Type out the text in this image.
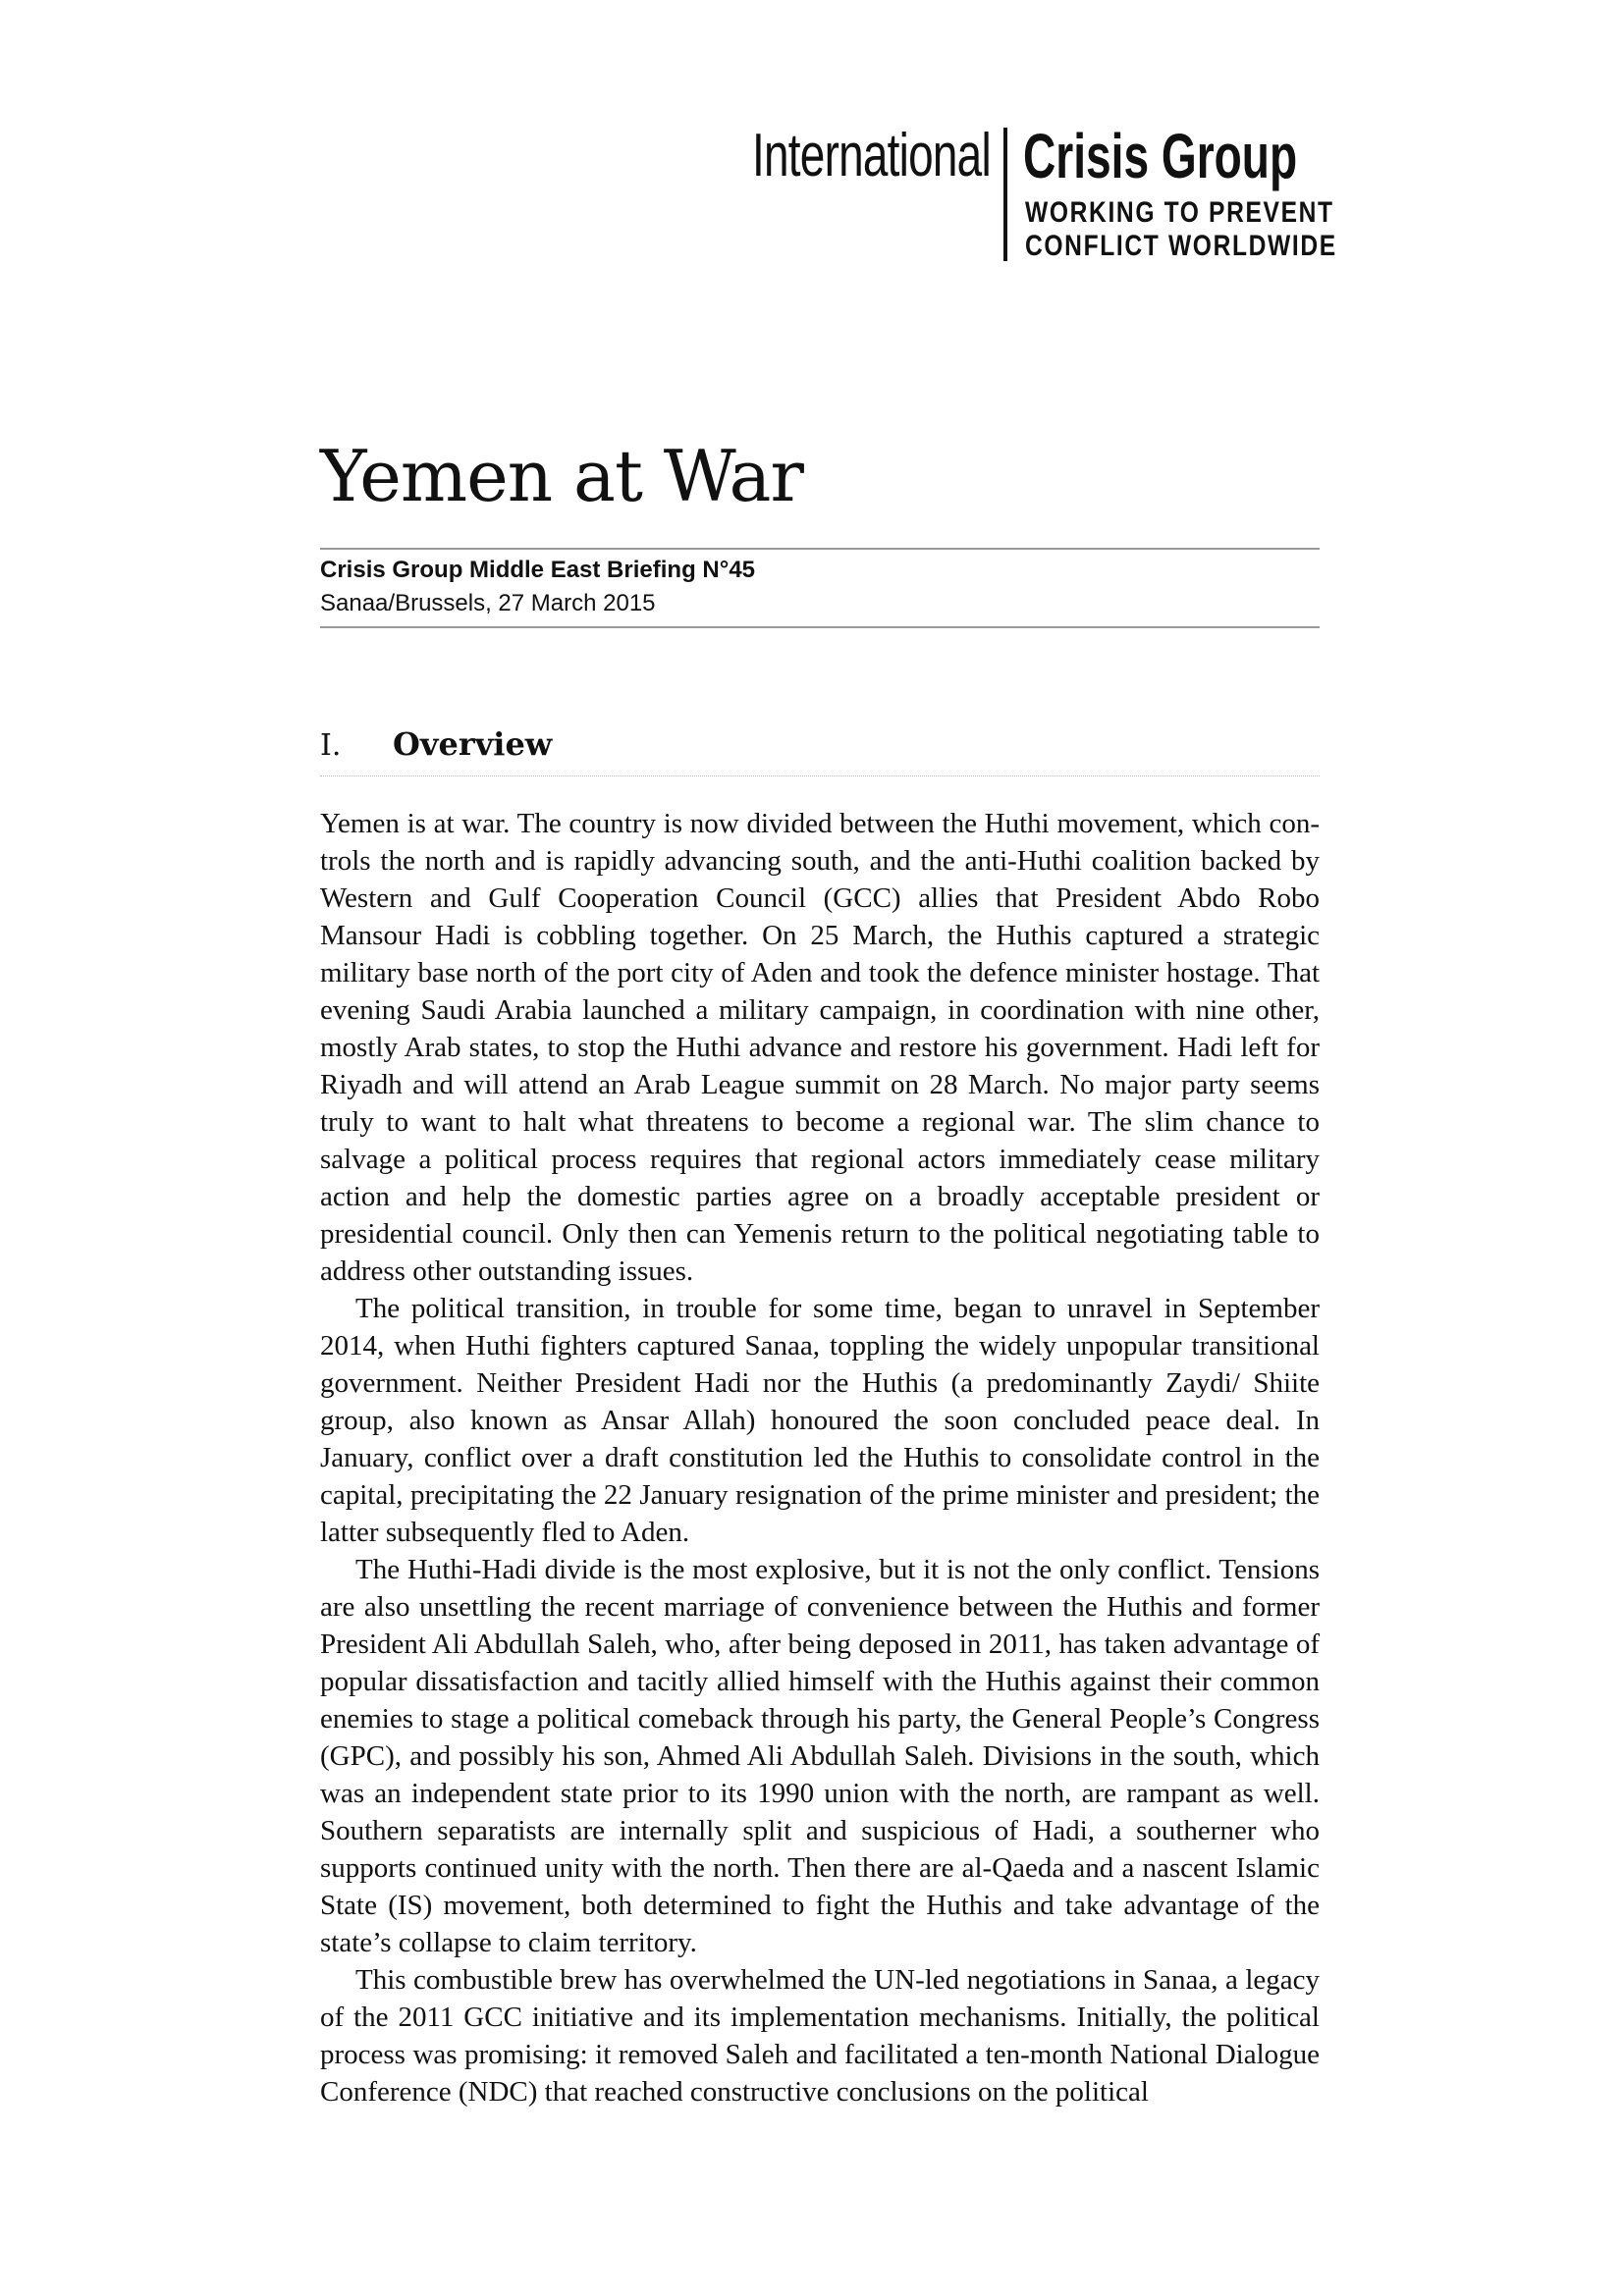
International Crisis Group
WORKING TO PREVENT
CONFLICT WORLDWIDE
Yemen at War
Crisis Group Middle East Briefing N°45
Sanaa/Brussels, 27 March 2015
I. Overview

Yemen is at war. The country is now divided between the Huthi movement, which controls the north and is rapidly advancing south, and the anti-Huthi coalition backed by Western and Gulf Cooperation Council (GCC) allies that President Abdo Robo Mansour Hadi is cobbling together. On 25 March, the Huthis captured a strategic military base north of the port city of Aden and took the defence minister hostage. That evening Saudi Arabia launched a military campaign, in coordination with nine other, mostly Arab states, to stop the Huthi advance and restore his government. Hadi left for Riyadh and will attend an Arab League summit on 28 March. No major party seems truly to want to halt what threatens to become a regional war. The slim chance to salvage a political process requires that regional actors immediately cease military action and help the domestic parties agree on a broadly acceptable president or presidential council. Only then can Yemenis return to the political negotiating table to address other outstanding issues.

The political transition, in trouble for some time, began to unravel in September 2014, when Huthi fighters captured Sanaa, toppling the widely unpopular transitional government. Neither President Hadi nor the Huthis (a predominantly Zaydi/ Shiite group, also known as Ansar Allah) honoured the soon concluded peace deal. In January, conflict over a draft constitution led the Huthis to consolidate control in the capital, precipitating the 22 January resignation of the prime minister and president; the latter subsequently fled to Aden.

The Huthi-Hadi divide is the most explosive, but it is not the only conflict. Tensions are also unsettling the recent marriage of convenience between the Huthis and former President Ali Abdullah Saleh, who, after being deposed in 2011, has taken advantage of popular dissatisfaction and tacitly allied himself with the Huthis against their common enemies to stage a political comeback through his party, the General People’s Congress (GPC), and possibly his son, Ahmed Ali Abdullah Saleh. Divisions in the south, which was an independent state prior to its 1990 union with the north, are rampant as well. Southern separatists are internally split and suspicious of Hadi, a southerner who supports continued unity with the north. Then there are al-Qaeda and a nascent Islamic State (IS) movement, both determined to fight the Huthis and take advantage of the state’s collapse to claim territory.

This combustible brew has overwhelmed the UN-led negotiations in Sanaa, a legacy of the 2011 GCC initiative and its implementation mechanisms. Initially, the political process was promising: it removed Saleh and facilitated a ten-month National Dialogue Conference (NDC) that reached constructive conclusions on the political
